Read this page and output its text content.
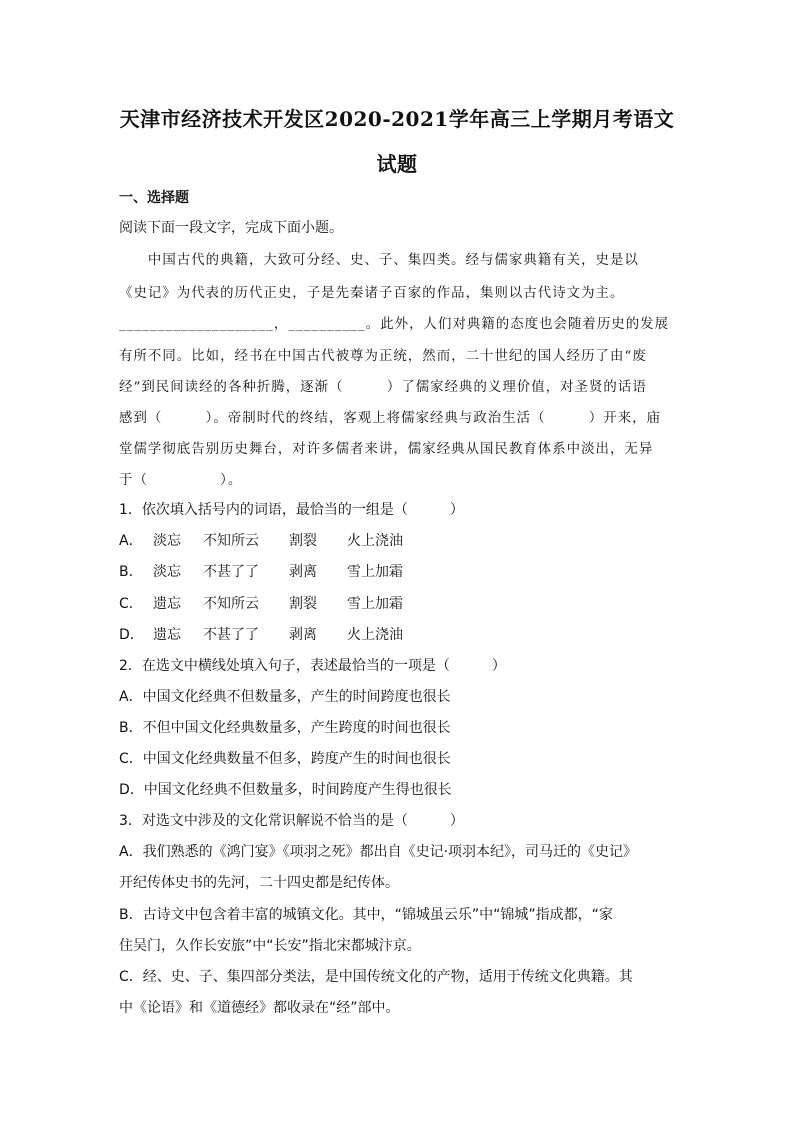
天津市经济技术开发区2020-2021学年高三上学期月考语文
试题
一、选择题
阅读下面一段文字，完成下面小题。
　　中国古代的典籍，大致可分经、史、子、集四类。经与儒家典籍有关，史是以
《史记》为代表的历代正史，子是先秦诸子百家的作品，集则以古代诗文为主。
____________________，__________。此外，人们对典籍的态度也会随着历史的发展
有所不同。比如，经书在中国古代被尊为正统，然而，二十世纪的国人经历了由“废
经”到民间读经的各种折腾，逐渐（　　　）了儒家经典的义理价值，对圣贤的话语
感到（　　　）。帝制时代的终结，客观上将儒家经典与政治生活（　　　）开来，庙
堂儒学彻底告别历史舞台，对许多儒者来讲，儒家经典从国民教育体系中淡出，无异
于（　　　　　）。
1．依次填入括号内的词语，最恰当的一组是（　　　）
A． 淡忘 不知所云 割裂 火上浇油
B． 淡忘 不甚了了 剥离 雪上加霜
C． 遗忘 不知所云 割裂 雪上加霜
D． 遗忘 不甚了了 剥离 火上浇油
2．在选文中横线处填入句子，表述最恰当的一项是（　　　）
A．中国文化经典不但数量多，产生的时间跨度也很长
B．不但中国文化经典数量多，产生跨度的时间也很长
C．中国文化经典数量不但多，跨度产生的时间也很长
D．中国文化经典不但数量多，时间跨度产生得也很长
3．对选文中涉及的文化常识解说不恰当的是（　　　）
A．我们熟悉的《鸿门宴》《项羽之死》都出自《史记·项羽本纪》，司马迁的《史记》
开纪传体史书的先河，二十四史都是纪传体。
B．古诗文中包含着丰富的城镇文化。其中，“锦城虽云乐”中“锦城”指成都，“家
住吴门，久作长安旅”中“长安”指北宋都城汴京。
C．经、史、子、集四部分类法，是中国传统文化的产物，适用于传统文化典籍。其
中《论语》和《道德经》都收录在“经”部中。
